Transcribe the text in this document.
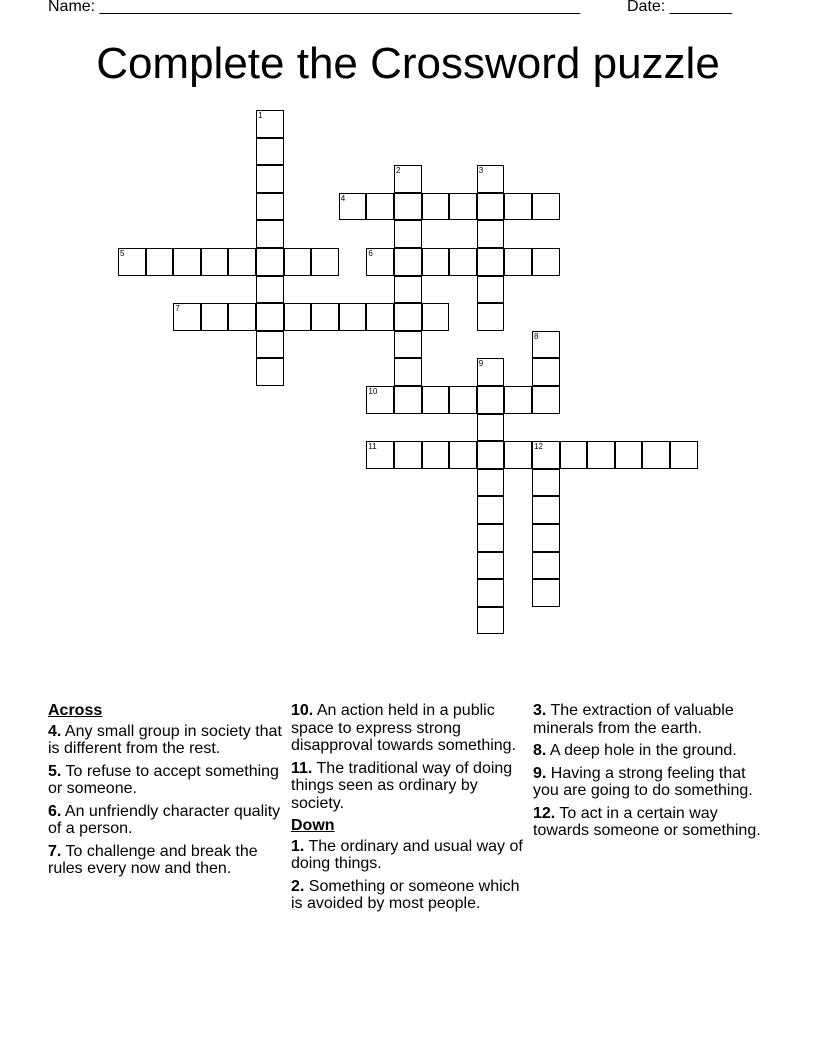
Name: ______________________________________________________	Date: _______
Complete the Crossword puzzle
1
2	3
4
5	6
7
8
9
10
11	12
Across
4. Any small group in society that is different from the rest.
5. To refuse to accept something or someone.
6. An unfriendly character quality of a person.
7. To challenge and break the rules every now and then.
10. An action held in a public space to express strong disapproval towards something.
11. The traditional way of doing things seen as ordinary by society.
Down
1. The ordinary and usual way of doing things.
2. Something or someone which is avoided by most people.
3. The extraction of valuable minerals from the earth.
8. A deep hole in the ground.
9. Having a strong feeling that you are going to do something.
12. To act in a certain way towards someone or something.
